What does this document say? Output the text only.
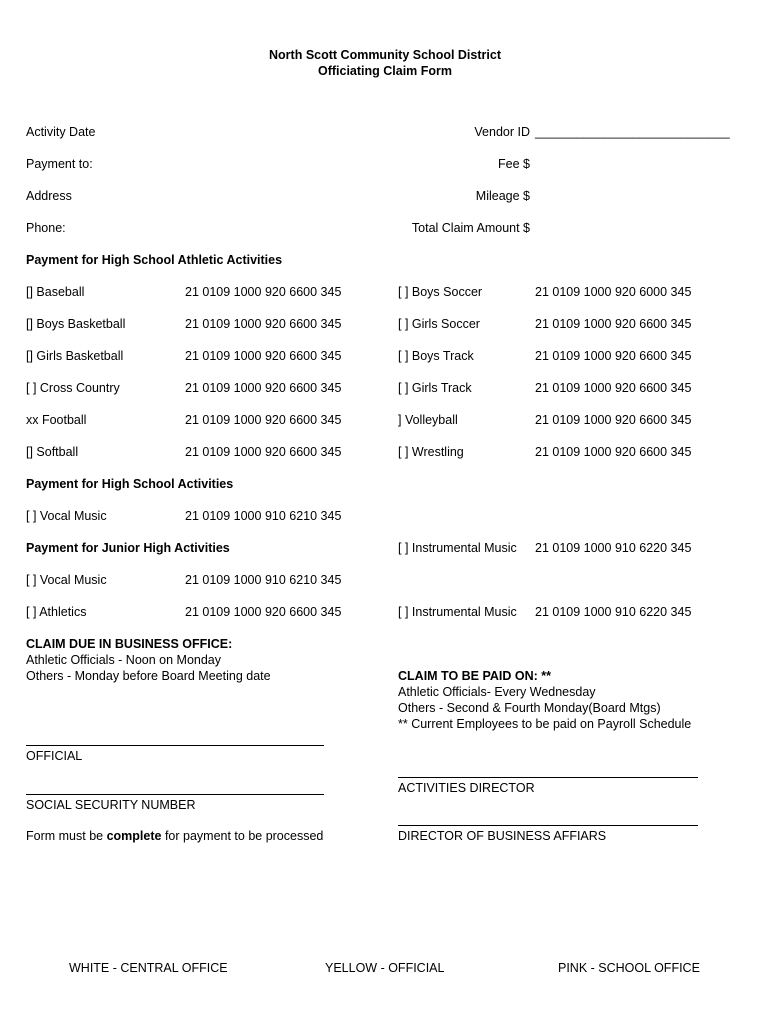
North Scott Community School District
Officiating Claim Form
Activity Date
Payment to:
Address
Phone:
Vendor ID ____________________________
Fee $
Mileage $
Total Claim Amount $
Payment for High School Athletic Activities
[] Baseball	21 0109 1000 920 6600 345	[ ] Boys Soccer	21 0109 1000 920 6000 345
[] Boys Basketball	21 0109 1000 920 6600 345	[ ] Girls Soccer	21 0109 1000 920 6600 345
[] Girls Basketball	21 0109 1000 920 6600 345	[ ] Boys Track	21 0109 1000 920 6600 345
[ ] Cross Country	21 0109 1000 920 6600 345	[ ] Girls Track	21 0109 1000 920 6600 345
xx Football	21 0109 1000 920 6600 345	] Volleyball	21 0109 1000 920 6600 345
[] Softball	21 0109 1000 920 6600 345	[ ] Wrestling	21 0109 1000 920 6600 345
Payment for High School Activities
[ ] Vocal Music	21 0109 1000 910 6210 345
Payment for Junior High Activities	[ ] Instrumental Music 21 0109 1000 910 6220 345
[ ] Vocal Music	21 0109 1000 910 6210 345
[ ] Athletics	21 0109 1000 920 6600 345	[ ] Instrumental Music 21 0109 1000 910 6220 345
CLAIM DUE IN BUSINESS OFFICE:
Athletic Officials - Noon on Monday
Others - Monday before Board Meeting date	CLAIM TO BE PAID ON: **
Athletic Officials- Every Wednesday
Others - Second & Fourth Monday(Board Mtgs)
** Current Employees to be paid on Payroll Schedule
OFFICIAL
ACTIVITIES DIRECTOR
SOCIAL SECURITY NUMBER
DIRECTOR OF BUSINESS AFFIARS
Form must be complete for payment to be processed
WHITE - CENTRAL OFFICE	YELLOW - OFFICIAL	PINK - SCHOOL OFFICE
